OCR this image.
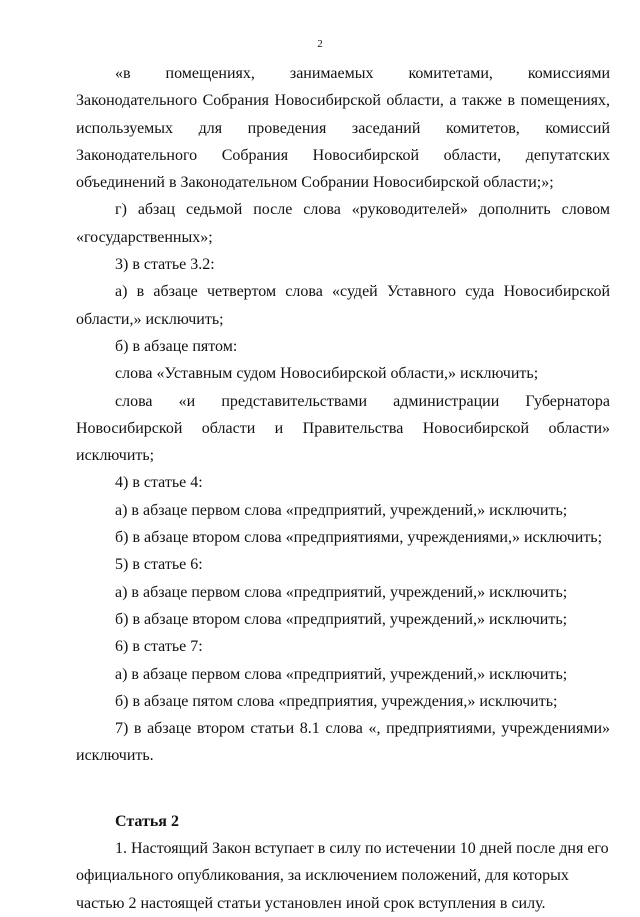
2

«в помещениях, занимаемых комитетами, комиссиями Законодательного Собрания Новосибирской области, а также в помещениях, используемых для проведения заседаний комитетов, комиссий Законодательного Собрания Новосибирской области, депутатских объединений в Законодательном Собрании Новосибирской области;»;

г) абзац седьмой после слова «руководителей» дополнить словом «государственных»;

3) в статье 3.2:

а) в абзаце четвертом слова «судей Уставного суда Новосибирской области,» исключить;

б) в абзаце пятом:

слова «Уставным судом Новосибирской области,» исключить;

слова «и представительствами администрации Губернатора Новосибирской области и Правительства Новосибирской области» исключить;

4) в статье 4:

а) в абзаце первом слова «предприятий, учреждений,» исключить;

б) в абзаце втором слова «предприятиями, учреждениями,» исключить;

5) в статье 6:

а) в абзаце первом слова «предприятий, учреждений,» исключить;

б) в абзаце втором слова «предприятий, учреждений,» исключить;

6) в статье 7:

а) в абзаце первом слова «предприятий, учреждений,» исключить;

б) в абзаце пятом слова «предприятия, учреждения,» исключить;

7) в абзаце втором статьи 8.1 слова «, предприятиями, учреждениями» исключить.

Статья 2

1. Настоящий Закон вступает в силу по истечении 10 дней после дня его официального опубликования, за исключением положений, для которых частью 2 настоящей статьи установлен иной срок вступления в силу.
